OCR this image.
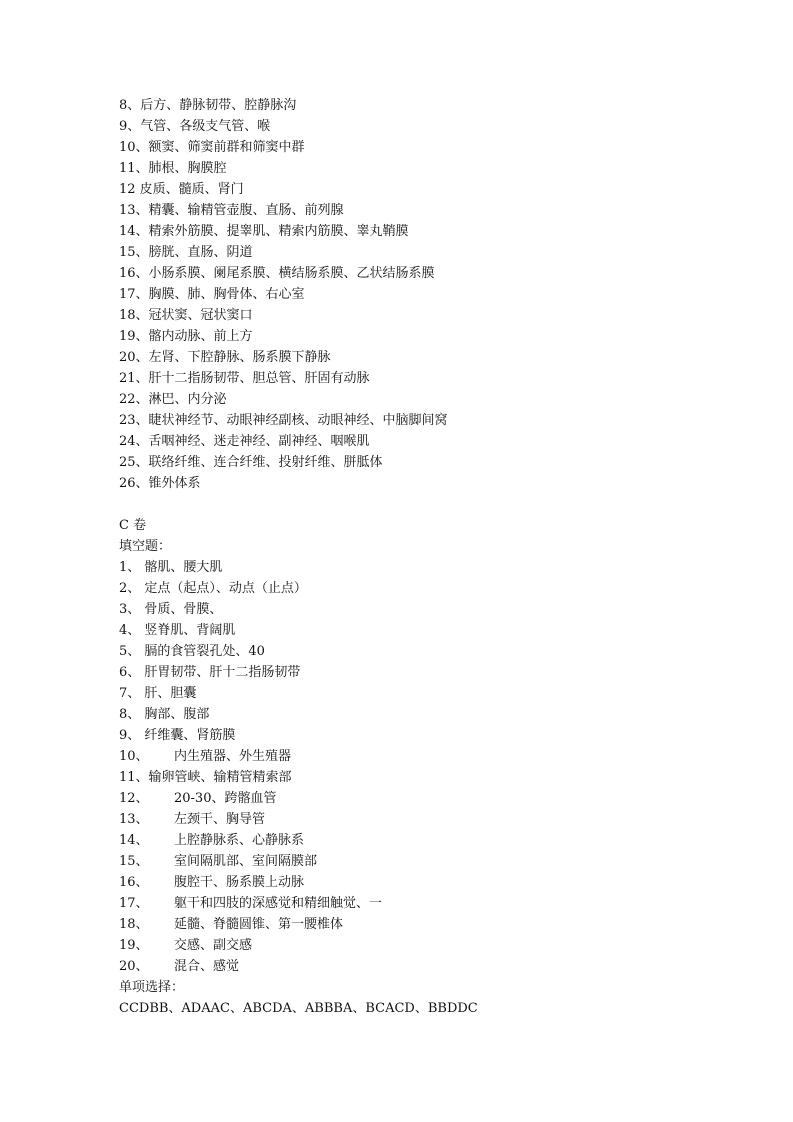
8、后方、静脉韧带、腔静脉沟
9、气管、各级支气管、喉
10、额窦、筛窦前群和筛窦中群
11、肺根、胸膜腔
12 皮质、髓质、肾门
13、精囊、输精管壶腹、直肠、前列腺
14、精索外筋膜、提睾肌、精索内筋膜、睾丸鞘膜
15、膀胱、直肠、阴道
16、小肠系膜、阑尾系膜、横结肠系膜、乙状结肠系膜
17、胸膜、肺、胸骨体、右心室
18、冠状窦、冠状窦口
19、髂内动脉、前上方
20、左肾、下腔静脉、肠系膜下静脉
21、肝十二指肠韧带、胆总管、肝固有动脉
22、淋巴、内分泌
23、睫状神经节、动眼神经副核、动眼神经、中脑脚间窝
24、舌咽神经、迷走神经、副神经、咽喉肌
25、联络纤维、连合纤维、投射纤维、胼胝体
26、锥外体系
C 卷
填空题：
1、 髂肌、腰大肌
2、 定点（起点）、动点（止点）
3、 骨质、骨膜、
4、 竖脊肌、背阔肌
5、 膈的食管裂孔处、40
6、 肝胃韧带、肝十二指肠韧带
7、 肝、胆囊
8、 胸部、腹部
9、 纤维囊、肾筋膜
10、 内生殖器、外生殖器
11、输卵管峡、输精管精索部
12、 20-30、跨髂血管
13、 左颈干、胸导管
14、 上腔静脉系、心静脉系
15、 室间隔肌部、室间隔膜部
16、 腹腔干、肠系膜上动脉
17、 躯干和四肢的深感觉和精细触觉、一
18、 延髓、脊髓圆锥、第一腰椎体
19、 交感、副交感
20、 混合、感觉
单项选择：
CCDBB、ADAAC、ABCDA、ABBBA、BCACD、BBDDC
